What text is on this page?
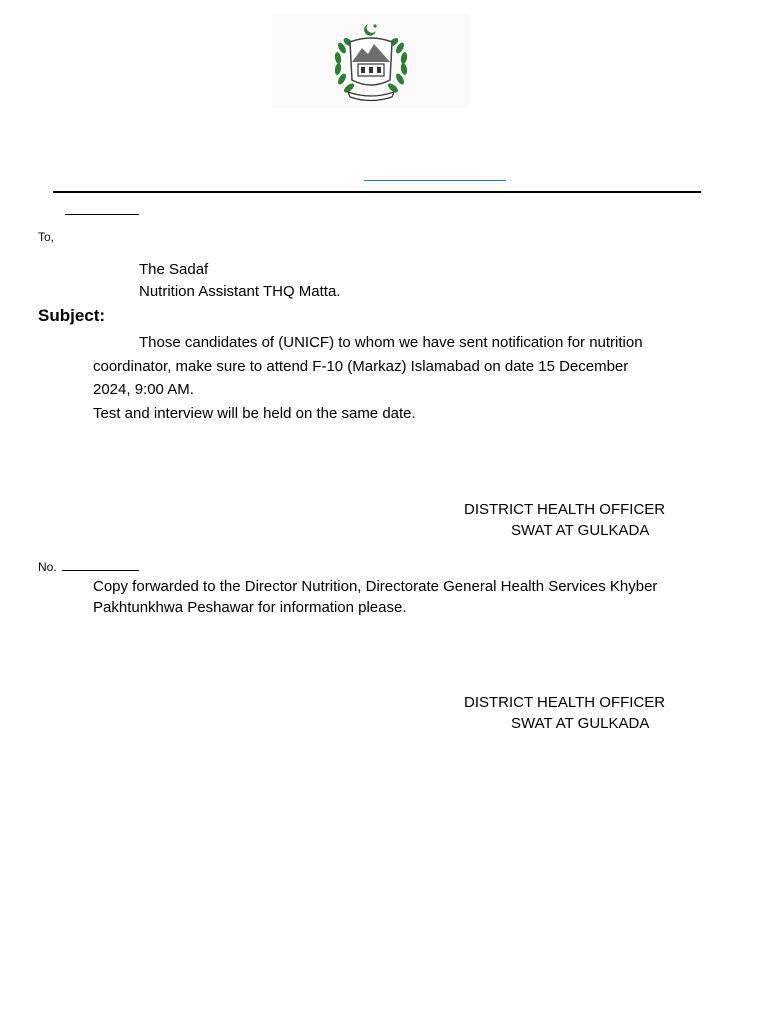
To,
The Sadaf
Nutrition Assistant THQ Matta.
Subject:
Those candidates of (UNICF) to whom we have sent notification for nutrition
coordinator, make sure to attend F-10 (Markaz) Islamabad on date 15 December
2024, 9:00 AM.
Test and interview will be held on the same date.
DISTRICT HEALTH OFFICER
SWAT AT GULKADA
No.
Copy forwarded to the Director Nutrition, Directorate General Health Services Khyber
Pakhtunkhwa Peshawar for information please.
DISTRICT HEALTH OFFICER
SWAT AT GULKADA
